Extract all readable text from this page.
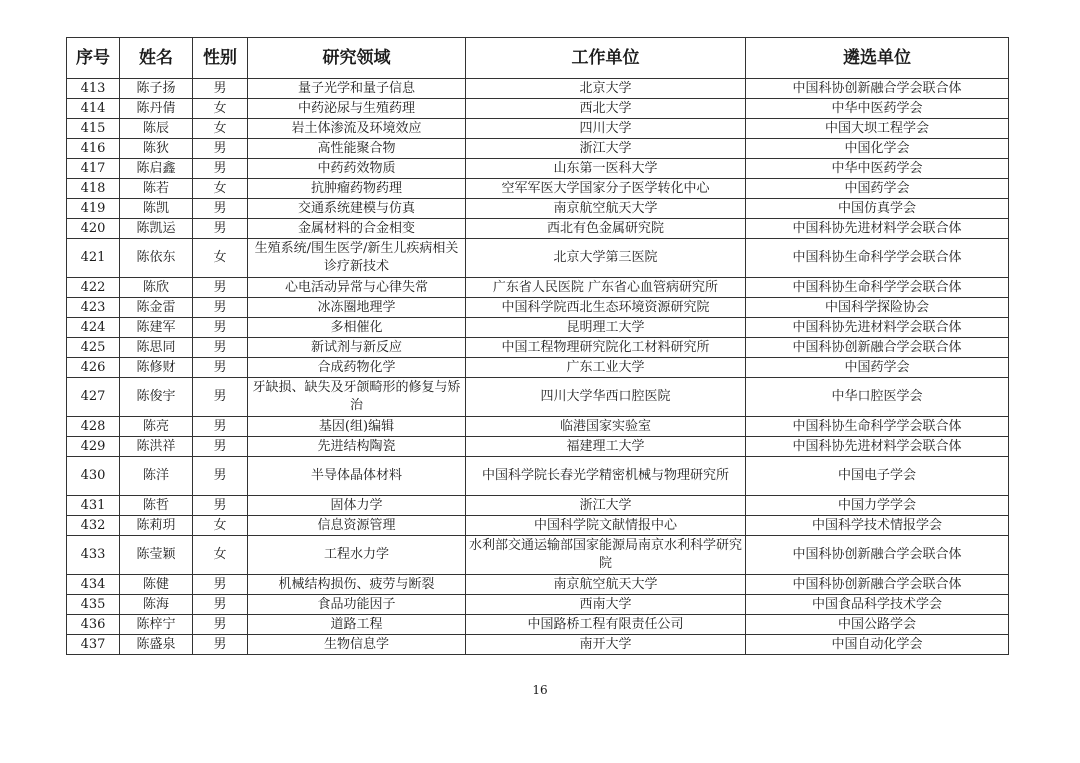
序号	姓名	性别	研究领域	工作单位	遴选单位
413	陈子扬	男	量子光学和量子信息	北京大学	中国科协创新融合学会联合体
414	陈丹倩	女	中药泌尿与生殖药理	西北大学	中华中医药学会
415	陈辰	女	岩土体渗流及环境效应	四川大学	中国大坝工程学会
416	陈狄	男	高性能聚合物	浙江大学	中国化学会
417	陈启鑫	男	中药药效物质	山东第一医科大学	中华中医药学会
418	陈若	女	抗肿瘤药物药理	空军军医大学国家分子医学转化中心	中国药学会
419	陈凯	男	交通系统建模与仿真	南京航空航天大学	中国仿真学会
420	陈凯运	男	金属材料的合金相变	西北有色金属研究院	中国科协先进材料学会联合体
421	陈依东	女	生殖系统/围生医学/新生儿疾病相关诊疗新技术	北京大学第三医院	中国科协生命科学学会联合体
422	陈欣	男	心电活动异常与心律失常	广东省人民医院 广东省心血管病研究所	中国科协生命科学学会联合体
423	陈金雷	男	冰冻圈地理学	中国科学院西北生态环境资源研究院	中国科学探险协会
424	陈建军	男	多相催化	昆明理工大学	中国科协先进材料学会联合体
425	陈思同	男	新试剂与新反应	中国工程物理研究院化工材料研究所	中国科协创新融合学会联合体
426	陈修财	男	合成药物化学	广东工业大学	中国药学会
427	陈俊宇	男	牙缺损、缺失及牙颌畸形的修复与矫治	四川大学华西口腔医院	中华口腔医学会
428	陈亮	男	基因(组)编辑	临港国家实验室	中国科协生命科学学会联合体
429	陈洪祥	男	先进结构陶瓷	福建理工大学	中国科协先进材料学会联合体
430	陈洋	男	半导体晶体材料	中国科学院长春光学精密机械与物理研究所	中国电子学会
431	陈哲	男	固体力学	浙江大学	中国力学学会
432	陈莉玥	女	信息资源管理	中国科学院文献情报中心	中国科学技术情报学会
433	陈莹颖	女	工程水力学	水利部交通运输部国家能源局南京水利科学研究院	中国科协创新融合学会联合体
434	陈健	男	机械结构损伤、疲劳与断裂	南京航空航天大学	中国科协创新融合学会联合体
435	陈海	男	食品功能因子	西南大学	中国食品科学技术学会
436	陈梓宁	男	道路工程	中国路桥工程有限责任公司	中国公路学会
437	陈盛泉	男	生物信息学	南开大学	中国自动化学会
16
